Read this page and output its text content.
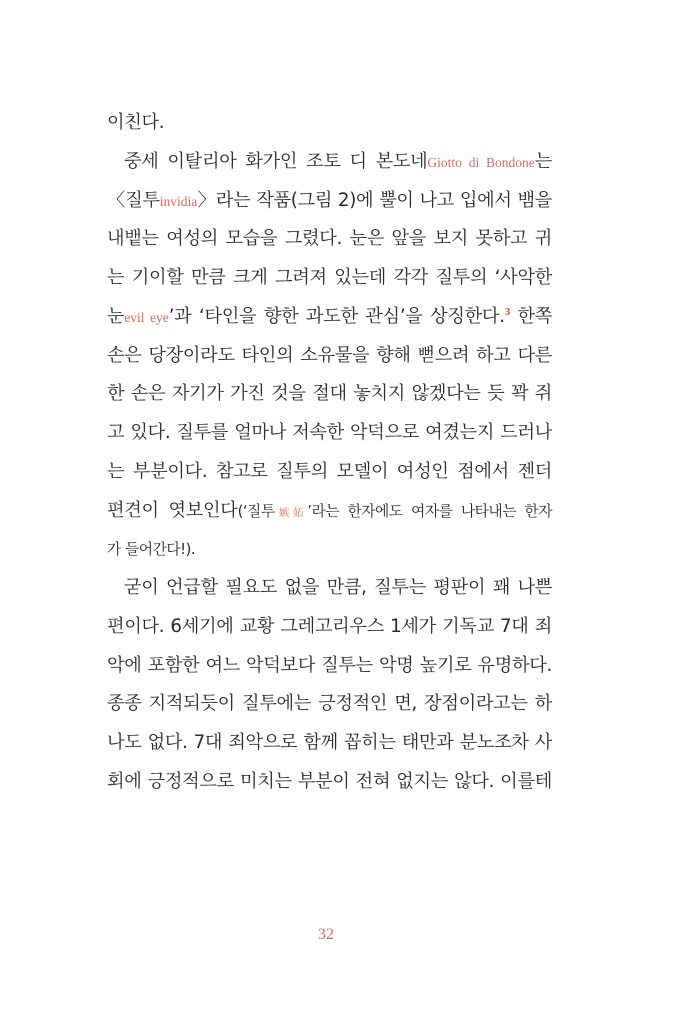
이친다.
중세 이탈리아 화가인 조토 디 본도네Giotto di Bondone는
〈질투invidia〉라는 작품(그림 2)에 뿔이 나고 입에서 뱀을
내뱉는 여성의 모습을 그렸다. 눈은 앞을 보지 못하고 귀
는 기이할 만큼 크게 그려져 있는데 각각 질투의 ‘사악한
눈evil eye’과 ‘타인을 향한 과도한 관심’을 상징한다.$^3$ 한쪽
손은 당장이라도 타인의 소유물을 향해 뻗으려 하고 다른
한 손은 자기가 가진 것을 절대 놓치지 않겠다는 듯 꽉 쥐
고 있다. 질투를 얼마나 저속한 악덕으로 여겼는지 드러나
는 부분이다. 참고로 질투의 모델이 여성인 점에서 젠더
편견이 엿보인다(‘질투嫉妬’라는 한자에도 여자를 나타내는 한자
가 들어간다!).
굳이 언급할 필요도 없을 만큼, 질투는 평판이 꽤 나쁜
편이다. 6세기에 교황 그레고리우스 1세가 기독교 7대 죄
악에 포함한 여느 악덕보다 질투는 악명 높기로 유명하다.
종종 지적되듯이 질투에는 긍정적인 면, 장점이라고는 하
나도 없다. 7대 죄악으로 함께 꼽히는 태만과 분노조차 사
회에 긍정적으로 미치는 부분이 전혀 없지는 않다. 이를테
32
